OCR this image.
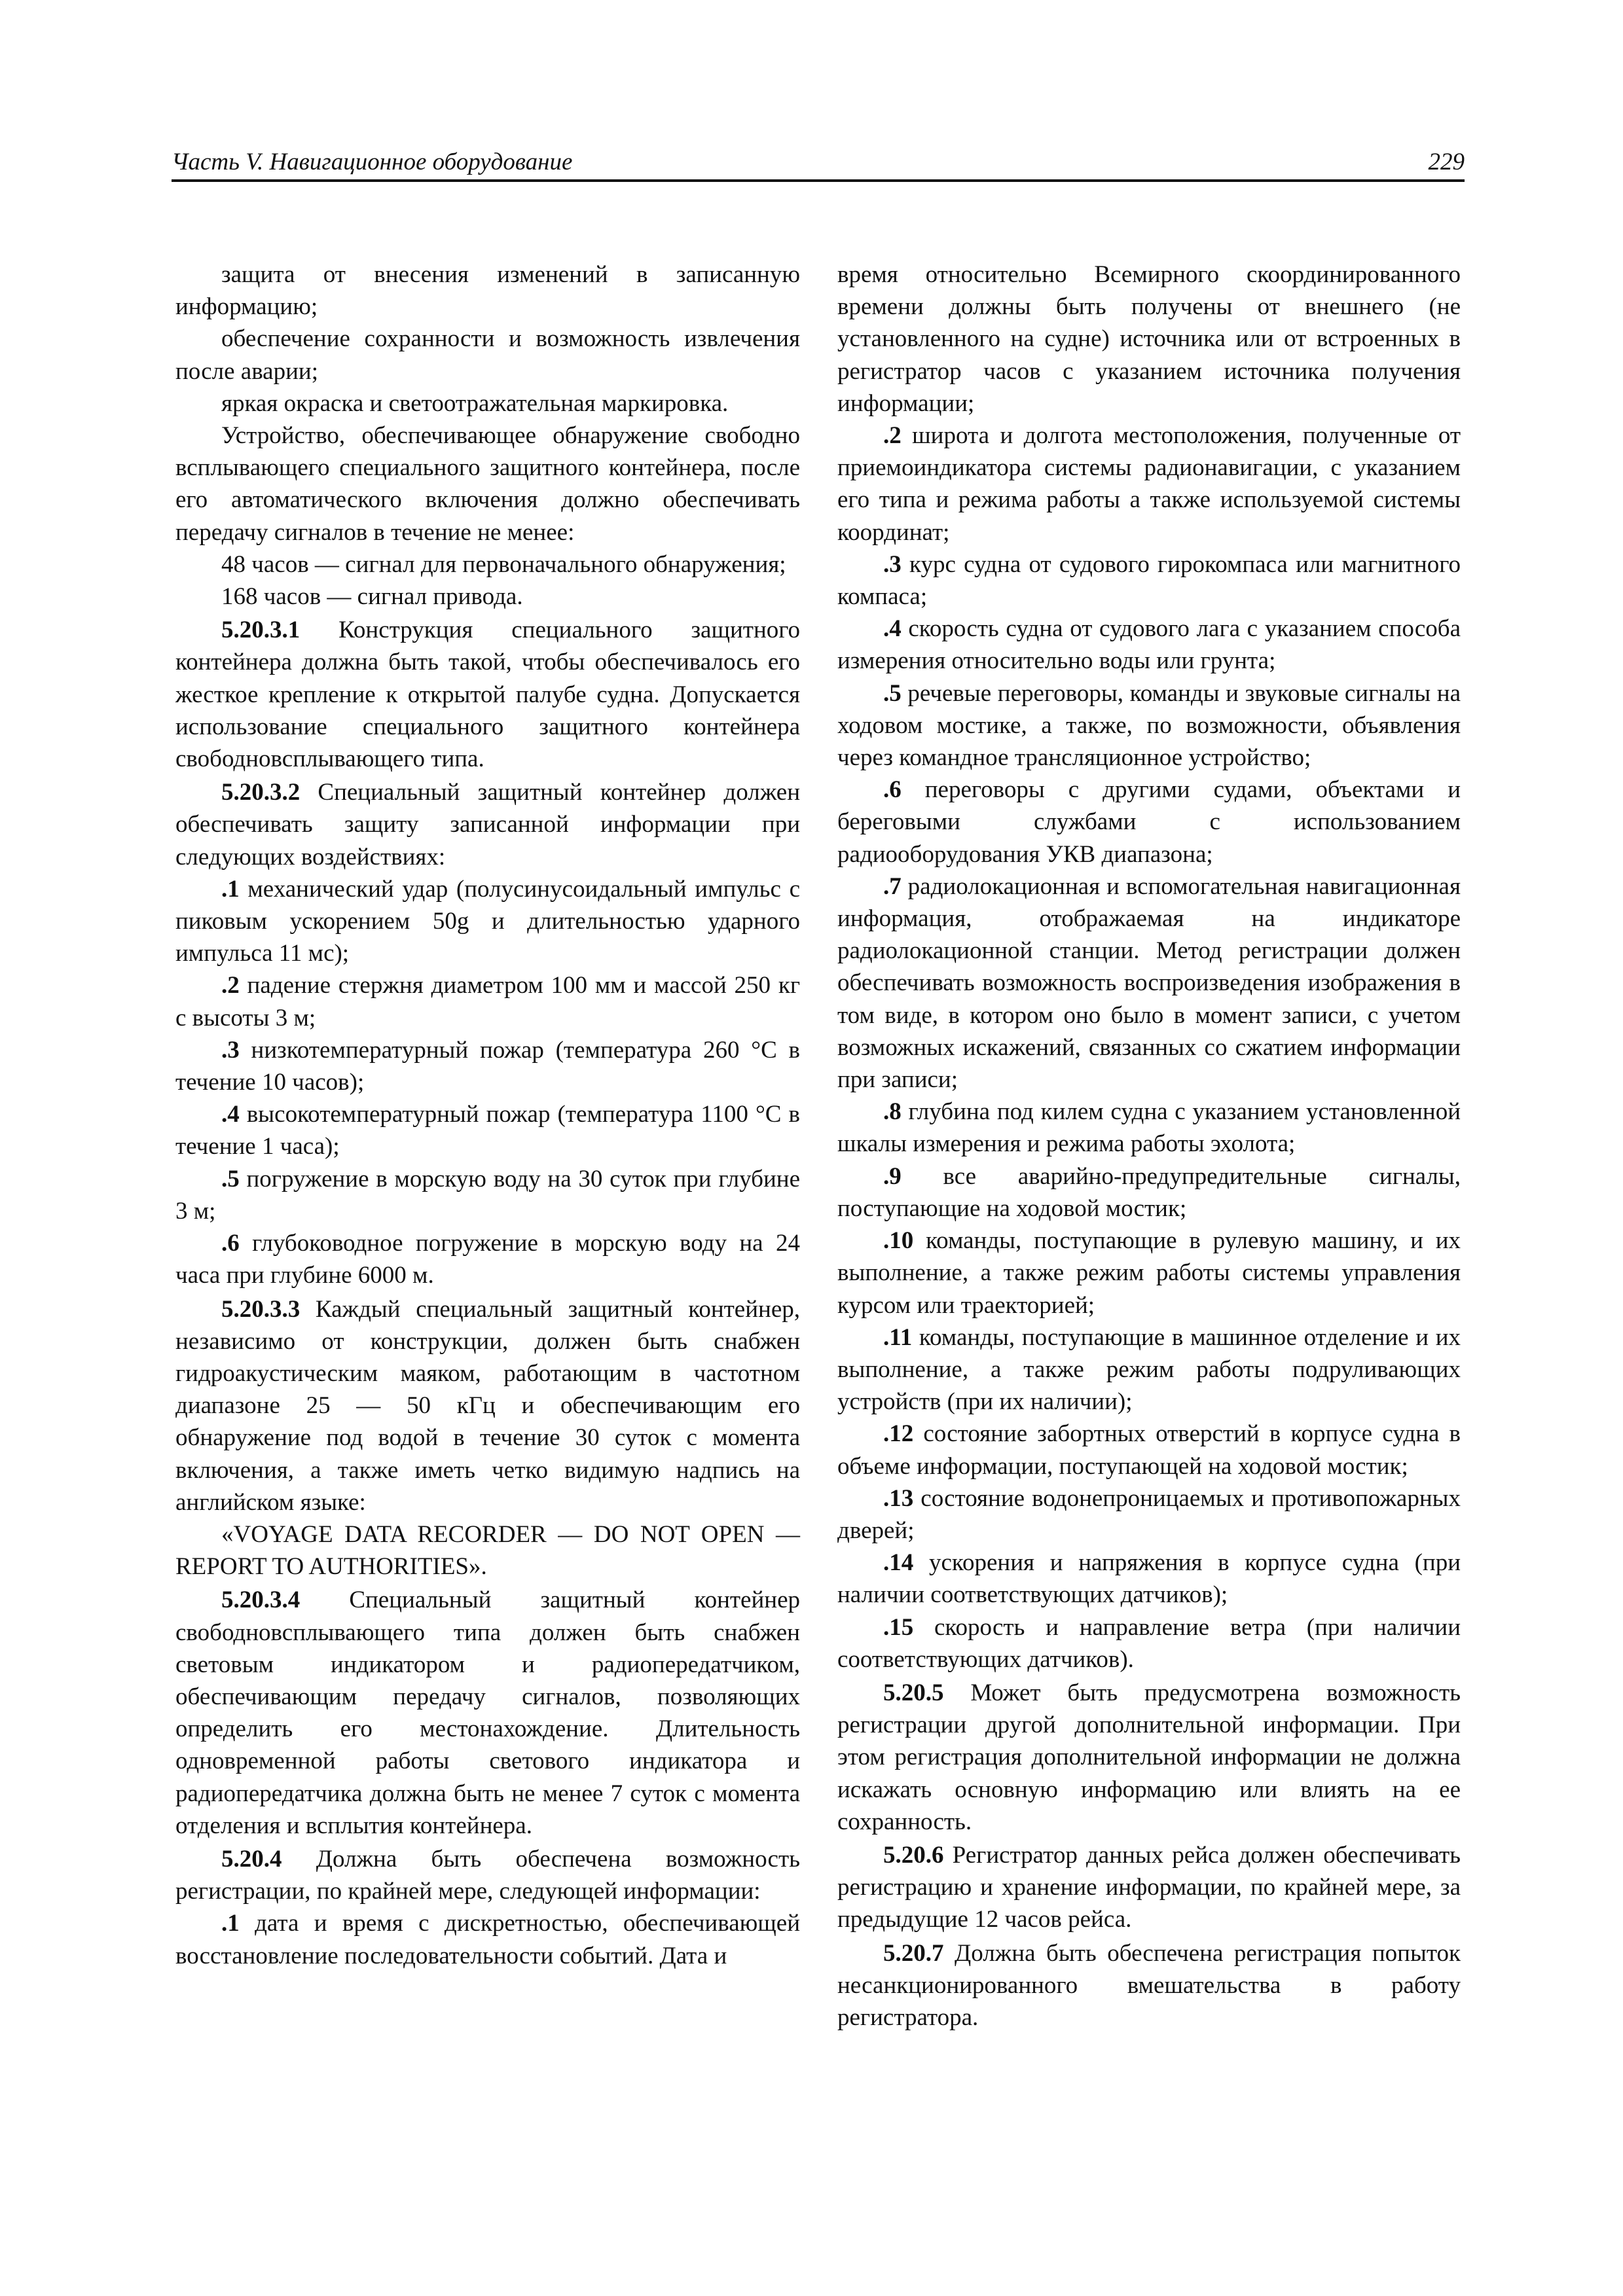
Часть V. Навигационное оборудование	229

защита от внесения изменений в записанную информацию;

обеспечение сохранности и возможность извлечения после аварии;

яркая окраска и светоотражательная маркировка.

Устройство, обеспечивающее обнаружение свободно всплывающего специального защитного контейнера, после его автоматического включения должно обеспечивать передачу сигналов в течение не менее:

48 часов — сигнал для первоначального обнаружения;

168 часов — сигнал привода.

5.20.3.1 Конструкция специального защитного контейнера должна быть такой, чтобы обеспечивалось его жесткое крепление к открытой палубе судна. Допускается использование специального защитного контейнера свободновсплывающего типа.

5.20.3.2 Специальный защитный контейнер должен обеспечивать защиту записанной информации при следующих воздействиях:

.1 механический удар (полусинусоидальный импульс с пиковым ускорением 50g и длительностью ударного импульса 11 мс);

.2 падение стержня диаметром 100 мм и массой 250 кг с высоты 3 м;

.3 низкотемпературный пожар (температура 260 °С в течение 10 часов);

.4 высокотемпературный пожар (температура 1100 °С в течение 1 часа);

.5 погружение в морскую воду на 30 суток при глубине 3 м;

.6 глубоководное погружение в морскую воду на 24 часа при глубине 6000 м.

5.20.3.3 Каждый специальный защитный контейнер, независимо от конструкции, должен быть снабжен гидроакустическим маяком, работающим в частотном диапазоне 25 — 50 кГц и обеспечивающим его обнаружение под водой в течение 30 суток с момента включения, а также иметь четко видимую надпись на английском языке:

«VOYAGE DATA RECORDER — DO NOT OPEN — REPORT TO AUTHORITIES».

5.20.3.4 Специальный защитный контейнер свободновсплывающего типа должен быть снабжен световым индикатором и радиопередатчиком, обеспечивающим передачу сигналов, позволяющих определить его местонахождение. Длительность одновременной работы светового индикатора и радиопередатчика должна быть не менее 7 суток с момента отделения и всплытия контейнера.

5.20.4 Должна быть обеспечена возможность регистрации, по крайней мере, следующей информации:

.1 дата и время с дискретностью, обеспечивающей восстановление последовательности событий. Дата и

время относительно Всемирного скоординированного времени должны быть получены от внешнего (не установленного на судне) источника или от встроенных в регистратор часов с указанием источника получения информации;

.2 широта и долгота местоположения, полученные от приемоиндикатора системы радионавигации, с указанием его типа и режима работы а также используемой системы координат;

.3 курс судна от судового гирокомпаса или магнитного компаса;

.4 скорость судна от судового лага с указанием способа измерения относительно воды или грунта;

.5 речевые переговоры, команды и звуковые сигналы на ходовом мостике, а также, по возможности, объявления через командное трансляционное устройство;

.6 переговоры с другими судами, объектами и береговыми службами с использованием радиооборудования УКВ диапазона;

.7 радиолокационная и вспомогательная навигационная информация, отображаемая на индикаторе радиолокационной станции. Метод регистрации должен обеспечивать возможность воспроизведения изображения в том виде, в котором оно было в момент записи, с учетом возможных искажений, связанных со сжатием информации при записи;

.8 глубина под килем судна с указанием установленной шкалы измерения и режима работы эхолота;

.9 все аварийно-предупредительные сигналы, поступающие на ходовой мостик;

.10 команды, поступающие в рулевую машину, и их выполнение, а также режим работы системы управления курсом или траекторией;

.11 команды, поступающие в машинное отделение и их выполнение, а также режим работы подруливающих устройств (при их наличии);

.12 состояние забортных отверстий в корпусе судна в объеме информации, поступающей на ходовой мостик;

.13 состояние водонепроницаемых и противопожарных дверей;

.14 ускорения и напряжения в корпусе судна (при наличии соответствующих датчиков);

.15 скорость и направление ветра (при наличии соответствующих датчиков).

5.20.5 Может быть предусмотрена возможность регистрации другой дополнительной информации. При этом регистрация дополнительной информации не должна искажать основную информацию или влиять на ее сохранность.

5.20.6 Регистратор данных рейса должен обеспечивать регистрацию и хранение информации, по крайней мере, за предыдущие 12 часов рейса.

5.20.7 Должна быть обеспечена регистрация попыток несанкционированного вмешательства в работу регистратора.
